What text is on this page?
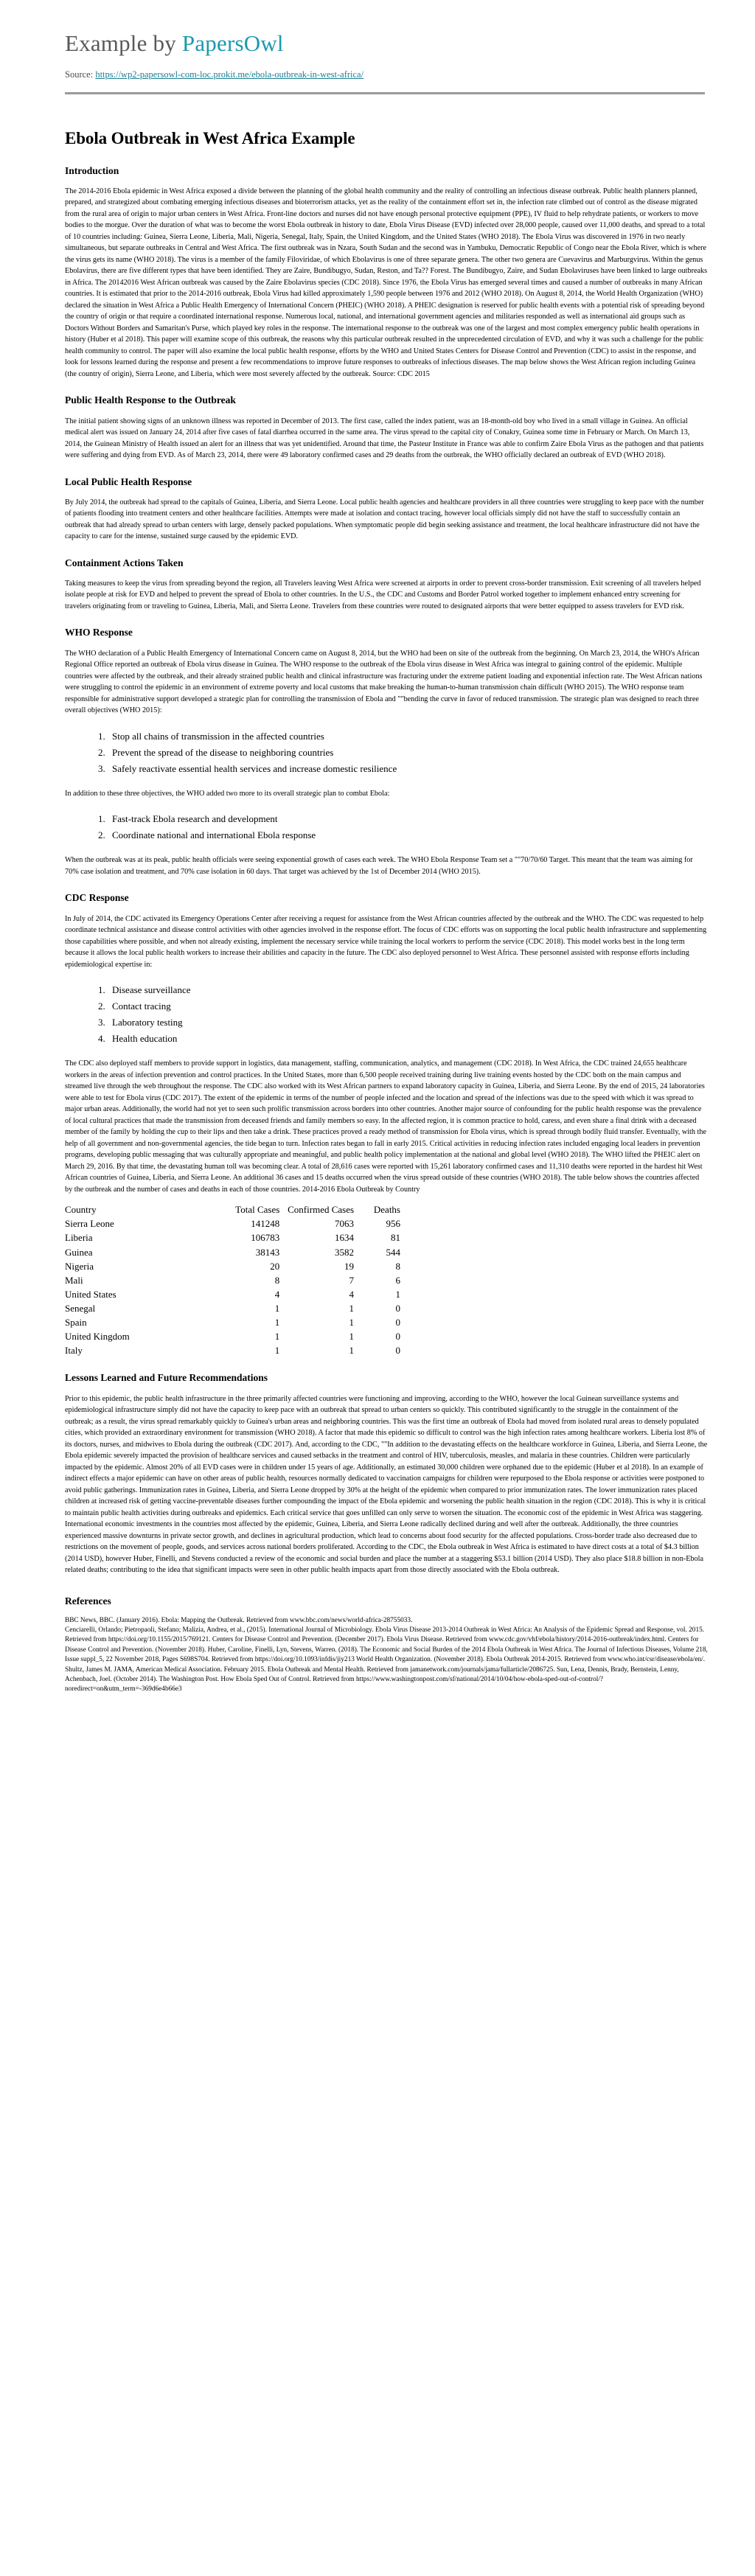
Example by PapersOwl
Source: https://wp2-papersowl-com-loc.prokit.me/ebola-outbreak-in-west-africa/
Ebola Outbreak in West Africa Example
Introduction

The 2014-2016 Ebola epidemic in West Africa exposed a divide between the planning of the global health community and the reality of controlling an infectious disease outbreak. Public health planners planned, prepared, and strategized about combating emerging infectious diseases and bioterrorism attacks, yet as the reality of the containment effort set in, the infection rate climbed out of control as the disease migrated from the rural area of origin to major urban centers in West Africa. Front-line doctors and nurses did not have enough personal protective equipment (PPE), IV fluid to help rehydrate patients, or workers to move bodies to the morgue. Over the duration of what was to become the worst Ebola outbreak in history to date, Ebola Virus Disease (EVD) infected over 28,000 people, caused over 11,000 deaths, and spread to a total of 10 countries including: Guinea, Sierra Leone, Liberia, Mali, Nigeria, Senegal, Italy, Spain, the United Kingdom, and the United States (WHO 2018). The Ebola Virus was discovered in 1976 in two nearly simultaneous, but separate outbreaks in Central and West Africa. The first outbreak was in Nzara, South Sudan and the second was in Yambuku, Democratic Republic of Congo near the Ebola River, which is where the virus gets its name (WHO 2018). The virus is a member of the family Filoviridae, of which Ebolavirus is one of three separate genera. The other two genera are Cuevavirus and Marburgvirus. Within the genus Ebolavirus, there are five different types that have been identified. They are Zaire, Bundibugyo, Sudan, Reston, and Ta?? Forest. The Bundibugyo, Zaire, and Sudan Ebolaviruses have been linked to large outbreaks in Africa. The 20142016 West African outbreak was caused by the Zaire Ebolavirus species (CDC 2018). Since 1976, the Ebola Virus has emerged several times and caused a number of outbreaks in many African countries. It is estimated that prior to the 2014-2016 outbreak, Ebola Virus had killed approximately 1,590 people between 1976 and 2012 (WHO 2018). On August 8, 2014, the World Health Organization (WHO) declared the situation in West Africa a Public Health Emergency of International Concern (PHEIC) (WHO 2018). A PHEIC designation is reserved for public health events with a potential risk of spreading beyond the country of origin or that require a coordinated international response. Numerous local, national, and international government agencies and militaries responded as well as international aid groups such as Doctors Without Borders and Samaritan's Purse, which played key roles in the response. The international response to the outbreak was one of the largest and most complex emergency public health operations in history (Huber et al 2018). This paper will examine scope of this outbreak, the reasons why this particular outbreak resulted in the unprecedented circulation of EVD, and why it was such a challenge for the public health community to control. The paper will also examine the local public health response, efforts by the WHO and United States Centers for Disease Control and Prevention (CDC) to assist in the response, and look for lessons learned during the response and present a few recommendations to improve future responses to outbreaks of infectious diseases. The map below shows the West African region including Guinea (the country of origin), Sierra Leone, and Liberia, which were most severely affected by the outbreak. Source: CDC 2015

Public Health Response to the Outbreak

The initial patient showing signs of an unknown illness was reported in December of 2013. The first case, called the index patient, was an 18-month-old boy who lived in a small village in Guinea. An official medical alert was issued on January 24, 2014 after five cases of fatal diarrhea occurred in the same area. The virus spread to the capital city of Conakry, Guinea some time in February or March. On March 13, 2014, the Guinean Ministry of Health issued an alert for an illness that was yet unidentified. Around that time, the Pasteur Institute in France was able to confirm Zaire Ebola Virus as the pathogen and that patients were suffering and dying from EVD. As of March 23, 2014, there were 49 laboratory confirmed cases and 29 deaths from the outbreak, the WHO officially declared an outbreak of EVD (WHO 2018).

Local Public Health Response

By July 2014, the outbreak had spread to the capitals of Guinea, Liberia, and Sierra Leone. Local public health agencies and healthcare providers in all three countries were struggling to keep pace with the number of patients flooding into treatment centers and other healthcare facilities. Attempts were made at isolation and contact tracing, however local officials simply did not have the staff to successfully contain an outbreak that had already spread to urban centers with large, densely packed populations. When symptomatic people did begin seeking assistance and treatment, the local healthcare infrastructure did not have the capacity to care for the intense, sustained surge caused by the epidemic EVD.

Containment Actions Taken

Taking measures to keep the virus from spreading beyond the region, all Travelers leaving West Africa were screened at airports in order to prevent cross-border transmission. Exit screening of all travelers helped isolate people at risk for EVD and helped to prevent the spread of Ebola to other countries. In the U.S., the CDC and Customs and Border Patrol worked together to implement enhanced entry screening for travelers originating from or traveling to Guinea, Liberia, Mali, and Sierra Leone. Travelers from these countries were routed to designated airports that were better equipped to assess travelers for EVD risk.

WHO Response

The WHO declaration of a Public Health Emergency of International Concern came on August 8, 2014, but the WHO had been on site of the outbreak from the beginning. On March 23, 2014, the WHO's African Regional Office reported an outbreak of Ebola virus disease in Guinea. The WHO response to the outbreak of the Ebola virus disease in West Africa was integral to gaining control of the epidemic. Multiple countries were affected by the outbreak, and their already strained public health and clinical infrastructure was fracturing under the extreme patient loading and exponential infection rate. The West African nations were struggling to control the epidemic in an environment of extreme poverty and local customs that make breaking the human-to-human transmission chain difficult (WHO 2015). The WHO response team responsible for administrative support developed a strategic plan for controlling the transmission of Ebola and ""bending the curve in favor of reduced transmission. The strategic plan was designed to reach three overall objectives (WHO 2015):

1. Stop all chains of transmission in the affected countries
2. Prevent the spread of the disease to neighboring countries
3. Safely reactivate essential health services and increase domestic resilience

In addition to these three objectives, the WHO added two more to its overall strategic plan to combat Ebola:

1. Fast-track Ebola research and development
2. Coordinate national and international Ebola response

When the outbreak was at its peak, public health officials were seeing exponential growth of cases each week. The WHO Ebola Response Team set a ""70/70/60 Target. This meant that the team was aiming for 70% case isolation and treatment, and 70% case isolation in 60 days. That target was achieved by the 1st of December 2014 (WHO 2015).

CDC Response

In July of 2014, the CDC activated its Emergency Operations Center after receiving a request for assistance from the West African countries affected by the outbreak and the WHO. The CDC was requested to help coordinate technical assistance and disease control activities with other agencies involved in the response effort. The focus of CDC efforts was on supporting the local public health infrastructure and supplementing those capabilities where possible, and when not already existing, implement the necessary service while training the local workers to perform the service (CDC 2018). This model works best in the long term because it allows the local public health workers to increase their abilities and capacity in the future. The CDC also deployed personnel to West Africa. These personnel assisted with response efforts including epidemiological expertise in:

1. Disease surveillance
2. Contact tracing
3. Laboratory testing
4. Health education

The CDC also deployed staff members to provide support in logistics, data management, staffing, communication, analytics, and management (CDC 2018). In West Africa, the CDC trained 24,655 healthcare workers in the areas of infection prevention and control practices. In the United States, more than 6,500 people received training during live training events hosted by the CDC both on the main campus and streamed live through the web throughout the response. The CDC also worked with its West African partners to expand laboratory capacity in Guinea, Liberia, and Sierra Leone. By the end of 2015, 24 laboratories were able to test for Ebola virus (CDC 2017). The extent of the epidemic in terms of the number of people infected and the location and spread of the infections was due to the speed with which it was spread to major urban areas. Additionally, the world had not yet to seen such prolific transmission across borders into other countries. Another major source of confounding for the public health response was the prevalence of local cultural practices that made the transmission from deceased friends and family members so easy. In the affected region, it is common practice to hold, caress, and even share a final drink with a deceased member of the family by holding the cup to their lips and then take a drink. These practices proved a ready method of transmission for Ebola virus, which is spread through bodily fluid transfer. Eventually, with the help of all government and non-governmental agencies, the tide began to turn. Infection rates began to fall in early 2015. Critical activities in reducing infection rates included engaging local leaders in prevention programs, developing public messaging that was culturally appropriate and meaningful, and public health policy implementation at the national and global level (WHO 2018). The WHO lifted the PHEIC alert on March 29, 2016. By that time, the devastating human toll was becoming clear. A total of 28,616 cases were reported with 15,261 laboratory confirmed cases and 11,310 deaths were reported in the hardest hit West African countries of Guinea, Liberia, and Sierra Leone. An additional 36 cases and 15 deaths occurred when the virus spread outside of these countries (WHO 2018). The table below shows the countries affected by the outbreak and the number of cases and deaths in each of those countries. 2014-2016 Ebola Outbreak by Country

Country	Total Cases	Confirmed Cases	Deaths
Sierra Leone	141248	7063	956
Liberia	106783	1634	81
Guinea	38143	3582	544
Nigeria	20	19	8
Mali	8	7	6
United States	4	4	1
Senegal	1	1	0
Spain	1	1	0
United Kingdom	1	1	0
Italy	1	1	0
Lessons Learned and Future Recommendations

Prior to this epidemic, the public health infrastructure in the three primarily affected countries were functioning and improving, according to the WHO, however the local Guinean surveillance systems and epidemiological infrastructure simply did not have the capacity to keep pace with an outbreak that spread to urban centers so quickly. This contributed significantly to the struggle in the containment of the outbreak; as a result, the virus spread remarkably quickly to Guinea's urban areas and neighboring countries. This was the first time an outbreak of Ebola had moved from isolated rural areas to densely populated cities, which provided an extraordinary environment for transmission (WHO 2018). A factor that made this epidemic so difficult to control was the high infection rates among healthcare workers. Liberia lost 8% of its doctors, nurses, and midwives to Ebola during the outbreak (CDC 2017). And, according to the CDC, ""In addition to the devastating effects on the healthcare workforce in Guinea, Liberia, and Sierra Leone, the Ebola epidemic severely impacted the provision of healthcare services and caused setbacks in the treatment and control of HIV, tuberculosis, measles, and malaria in these countries. Children were particularly impacted by the epidemic. Almost 20% of all EVD cases were in children under 15 years of age. Additionally, an estimated 30,000 children were orphaned due to the epidemic (Huber et al 2018). In an example of indirect effects a major epidemic can have on other areas of public health, resources normally dedicated to vaccination campaigns for children were repurposed to the Ebola response or activities were postponed to avoid public gatherings. Immunization rates in Guinea, Liberia, and Sierra Leone dropped by 30% at the height of the epidemic when compared to prior immunization rates. The lower immunization rates placed children at increased risk of getting vaccine-preventable diseases further compounding the impact of the Ebola epidemic and worsening the public health situation in the region (CDC 2018). This is why it is critical to maintain public health activities during outbreaks and epidemics. Each critical service that goes unfilled can only serve to worsen the situation. The economic cost of the epidemic in West Africa was staggering. International economic investments in the countries most affected by the epidemic, Guinea, Liberia, and Sierra Leone radically declined during and well after the outbreak. Additionally, the three countries experienced massive downturns in private sector growth, and declines in agricultural production, which lead to concerns about food security for the affected populations. Cross-border trade also decreased due to restrictions on the movement of people, goods, and services across national borders proliferated. According to the CDC, the Ebola outbreak in West Africa is estimated to have direct costs at a total of $4.3 billion (2014 USD), however Huber, Finelli, and Stevens conducted a review of the economic and social burden and place the number at a staggering $53.1 billion (2014 USD). They also place $18.8 billion in non-Ebola related deaths; contributing to the idea that significant impacts were seen in other public health impacts apart from those directly associated with the Ebola outbreak.

References

BBC News, BBC. (January 2016). Ebola: Mapping the Outbreak. Retrieved from www.bbc.com/news/world-africa-28755033.

Cenciarelli, Orlando; Pietropaoli, Stefano; Malizia, Andrea, et al., (2015). International Journal of Microbiology. Ebola Virus Disease 2013-2014 Outbreak in West Africa: An Analysis of the Epidemic Spread and Response, vol. 2015. Retrieved from https://doi.org/10.1155/2015/769121. Centers for Disease Control and Prevention. (December 2017). Ebola Virus Disease. Retrieved from www.cdc.gov/vhf/ebola/history/2014-2016-outbreak/index.html. Centers for Disease Control and Prevention. (November 2018). Huber, Caroline, Finelli, Lyn, Stevens, Warren. (2018). The Economic and Social Burden of the 2014 Ebola Outbreak in West Africa. The Journal of Infectious Diseases, Volume 218, Issue suppl_5, 22 November 2018, Pages S698S704. Retrieved from https://doi.org/10.1093/infdis/jiy213 World Health Organization. (November 2018). Ebola Outbreak 2014-2015. Retrieved from www.who.int/csr/disease/ebola/en/. Shultz, James M. JAMA, American Medical Association. February 2015. Ebola Outbreak and Mental Health. Retrieved from jamanetwork.com/journals/jama/fullarticle/2086725. Sun, Lena, Dennis, Brady, Bernstein, Lenny, Achenbach, Joel. (October 2014). The Washington Post. How Ebola Sped Out of Control. Retrieved from https://www.washingtonpost.com/sf/national/2014/10/04/how-ebola-sped-out-of-control/?noredirect=on&utm_term=-369d6e4b66e3
